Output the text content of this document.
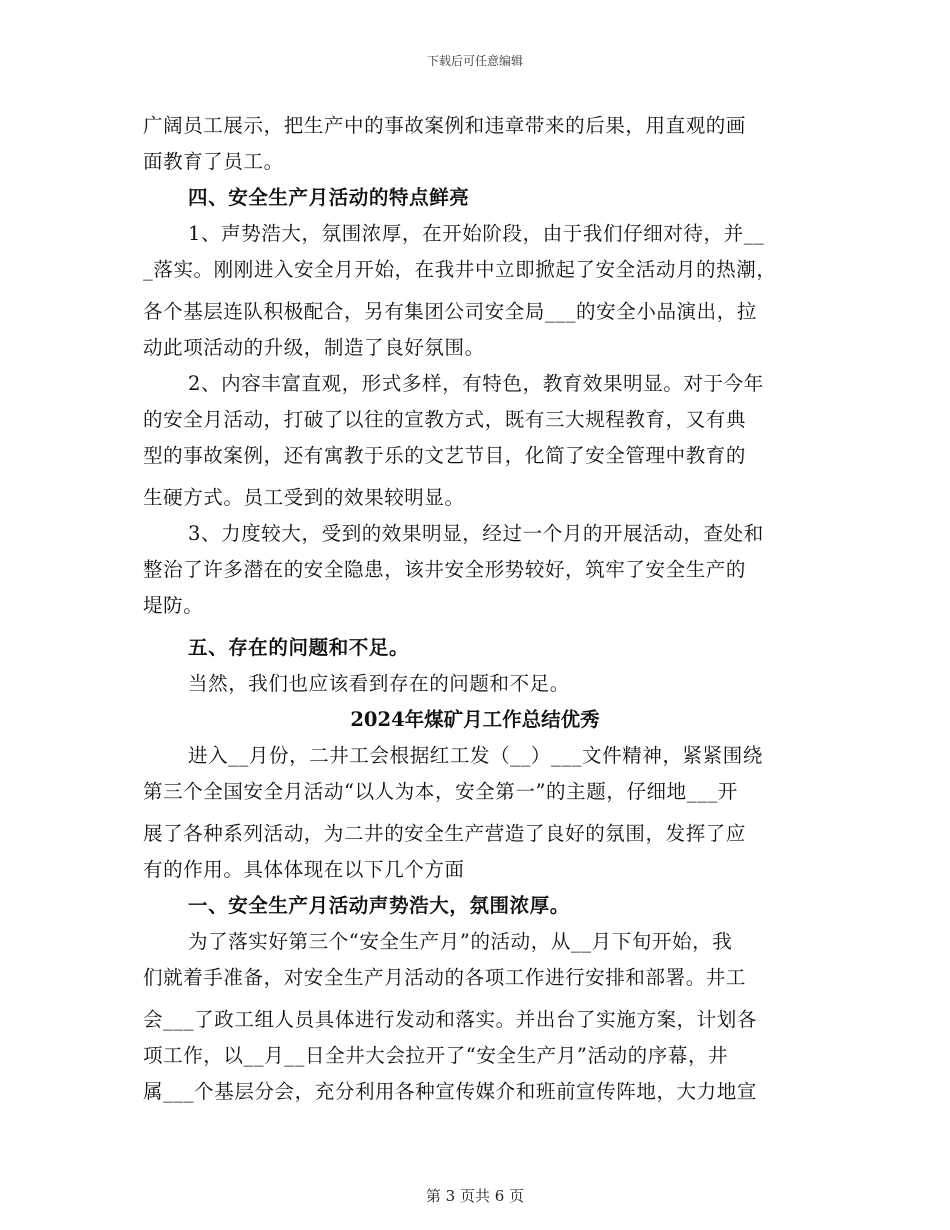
下载后可任意编辑
广阔员工展示，把生产中的事故案例和违章带来的后果，用直观的画
面教育了员工。
四、安全生产月活动的特点鲜亮
1、声势浩大，氛围浓厚，在开始阶段，由于我们仔细对待，并__
_落实。刚刚进入安全月开始，在我井中立即掀起了安全活动月的热潮，
各个基层连队积极配合，另有集团公司安全局___的安全小品演出，拉
动此项活动的升级，制造了良好氛围。
2、内容丰富直观，形式多样，有特色，教育效果明显。对于今年
的安全月活动，打破了以往的宣教方式，既有三大规程教育，又有典
型的事故案例，还有寓教于乐的文艺节目，化简了安全管理中教育的
生硬方式。员工受到的效果较明显。
3、力度较大，受到的效果明显，经过一个月的开展活动，查处和
整治了许多潜在的安全隐患，该井安全形势较好，筑牢了安全生产的
堤防。
五、存在的问题和不足。
当然，我们也应该看到存在的问题和不足。
2024年煤矿月工作总结优秀
进入__月份，二井工会根据红工发（__）___文件精神，紧紧围绕
第三个全国安全月活动“以人为本，安全第一”的主题，仔细地___开
展了各种系列活动，为二井的安全生产营造了良好的氛围，发挥了应
有的作用。具体体现在以下几个方面
一、安全生产月活动声势浩大，氛围浓厚。
为了落实好第三个“安全生产月”的活动，从__月下旬开始，我
们就着手准备，对安全生产月活动的各项工作进行安排和部署。井工
会___了政工组人员具体进行发动和落实。并出台了实施方案，计划各
项工作，以__月__日全井大会拉开了“安全生产月”活动的序幕，井
属___个基层分会，充分利用各种宣传媒介和班前宣传阵地，大力地宣
第 3 页共 6 页
